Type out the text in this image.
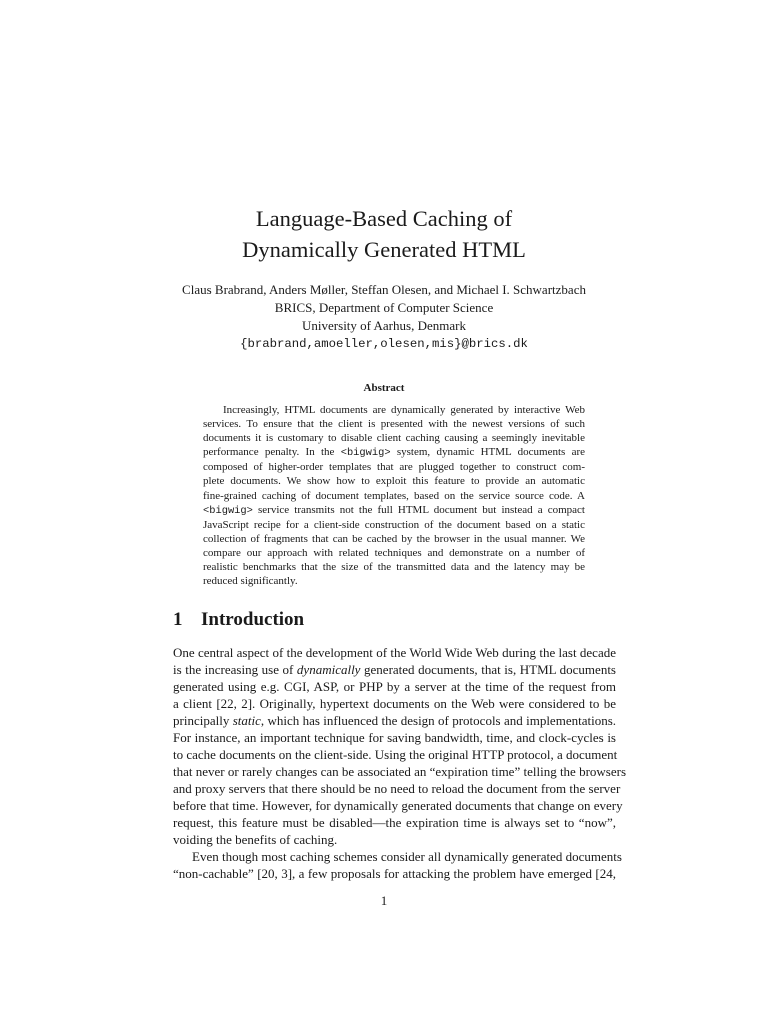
Language-Based Caching of
Dynamically Generated HTML
Claus Brabrand, Anders Møller, Steffan Olesen, and Michael I. Schwartzbach
BRICS, Department of Computer Science
University of Aarhus, Denmark
{brabrand,amoeller,olesen,mis}@brics.dk
Abstract
Increasingly, HTML documents are dynamically generated by interactive Web
services. To ensure that the client is presented with the newest versions of such
documents it is customary to disable client caching causing a seemingly inevitable
performance penalty. In the <bigwig> system, dynamic HTML documents are
composed of higher-order templates that are plugged together to construct com-
plete documents. We show how to exploit this feature to provide an automatic
fine-grained caching of document templates, based on the service source code. A
<bigwig> service transmits not the full HTML document but instead a compact
JavaScript recipe for a client-side construction of the document based on a static
collection of fragments that can be cached by the browser in the usual manner. We
compare our approach with related techniques and demonstrate on a number of
realistic benchmarks that the size of the transmitted data and the latency may be
reduced significantly.
1 Introduction
One central aspect of the development of the World Wide Web during the last decade
is the increasing use of dynamically generated documents, that is, HTML documents
generated using e.g. CGI, ASP, or PHP by a server at the time of the request from
a client [22, 2]. Originally, hypertext documents on the Web were considered to be
principally static, which has influenced the design of protocols and implementations.
For instance, an important technique for saving bandwidth, time, and clock-cycles is
to cache documents on the client-side. Using the original HTTP protocol, a document
that never or rarely changes can be associated an “expiration time” telling the browsers
and proxy servers that there should be no need to reload the document from the server
before that time. However, for dynamically generated documents that change on every
request, this feature must be disabled—the expiration time is always set to “now”,
voiding the benefits of caching.
Even though most caching schemes consider all dynamically generated documents
“non-cachable” [20, 3], a few proposals for attacking the problem have emerged [24,
1
